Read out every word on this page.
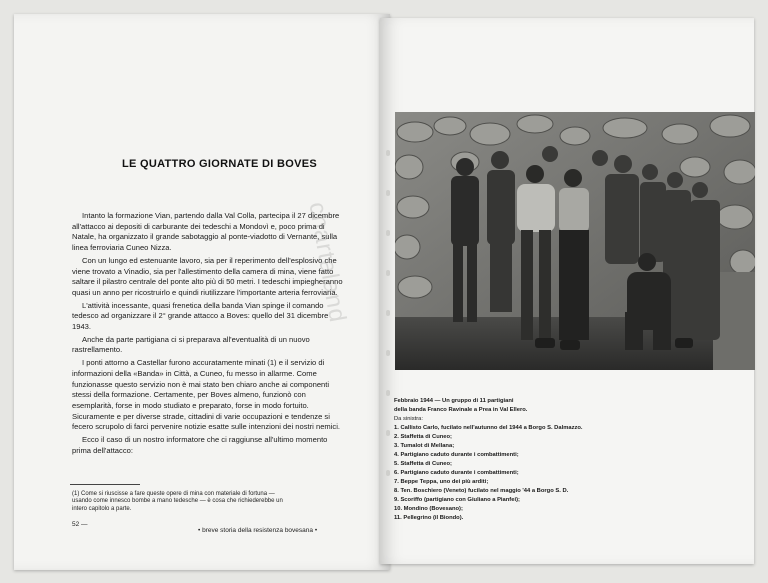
LE QUATTRO GIORNATE DI BOVES

Intanto la formazione Vian, partendo dalla Val Colla, partecipa il 27 dicembre all'attacco ai depositi di carburante dei tedeschi a Mondovì e, poco prima di Natale, ha organizzato il grande sabotaggio al ponte-viadotto di Vernante, sulla linea ferroviaria Cuneo Nizza.

Con un lungo ed estenuante lavoro, sia per il reperimento dell'esplosivo che viene trovato a Vinadio, sia per l'allestimento della camera di mina, viene fatto saltare il pilastro centrale del ponte alto più di 50 metri. I tedeschi impiegheranno quasi un anno per ricostruirlo e quindi riutilizzare l'importante arteria ferroviaria.

L'attività incessante, quasi frenetica della banda Vian spinge il comando tedesco ad organizzare il 2° grande attacco a Boves: quello del 31 dicembre 1943.

Anche da parte partigiana ci si preparava all'eventualità di un nuovo rastrellamento.

I ponti attorno a Castellar furono accuratamente minati (1) e il servizio di informazioni della «Banda» in Città, a Cuneo, fu messo in allarme. Come funzionasse questo servizio non è mai stato ben chiaro anche ai componenti stessi della formazione. Certamente, per Boves almeno, funzionò con esemplarità, forse in modo studiato e preparato, forse in modo fortuito. Sicuramente e per diverse strade, cittadini di varie occupazioni e tendenze si fecero scrupolo di farci pervenire notizie esatte sulle intenzioni dei nostri nemici.

Ecco il caso di un nostro informatore che ci raggiunse all'ultimo momento prima dell'attacco:

(1) Come si riuscisse a fare queste opere di mina con materiale di fortuna — usando come innesco bombe a mano tedesche — è cosa che richiederebbe un intero capitolo a parte.
52 —
• breve storia della resistenza bovesana •
chartaland
Febbraio 1944 — Un gruppo di 11 partigiani
della banda Franco Ravinale a Prea in Val Ellero.
Da sinistra:
1. Callisto Carlo, fucilato nell'autunno del 1944 a Borgo S. Dalmazzo.
2. Staffetta di Cuneo;
3. Tumalot di Mellana;
4. Partigiano caduto durante i combattimenti;
5. Staffetta di Cuneo;
6. Partigiano caduto durante i combattimenti;
7. Beppe Teppa, uno dei più arditi;
8. Ten. Boschiero (Veneto) fucilato nel maggio '44 a Borgo S. D.
9. Scoriffo (partigiano con Giuliano a Pianfei);
10. Mondino (Bovesano);
11. Pellegrino (il Biondo).
